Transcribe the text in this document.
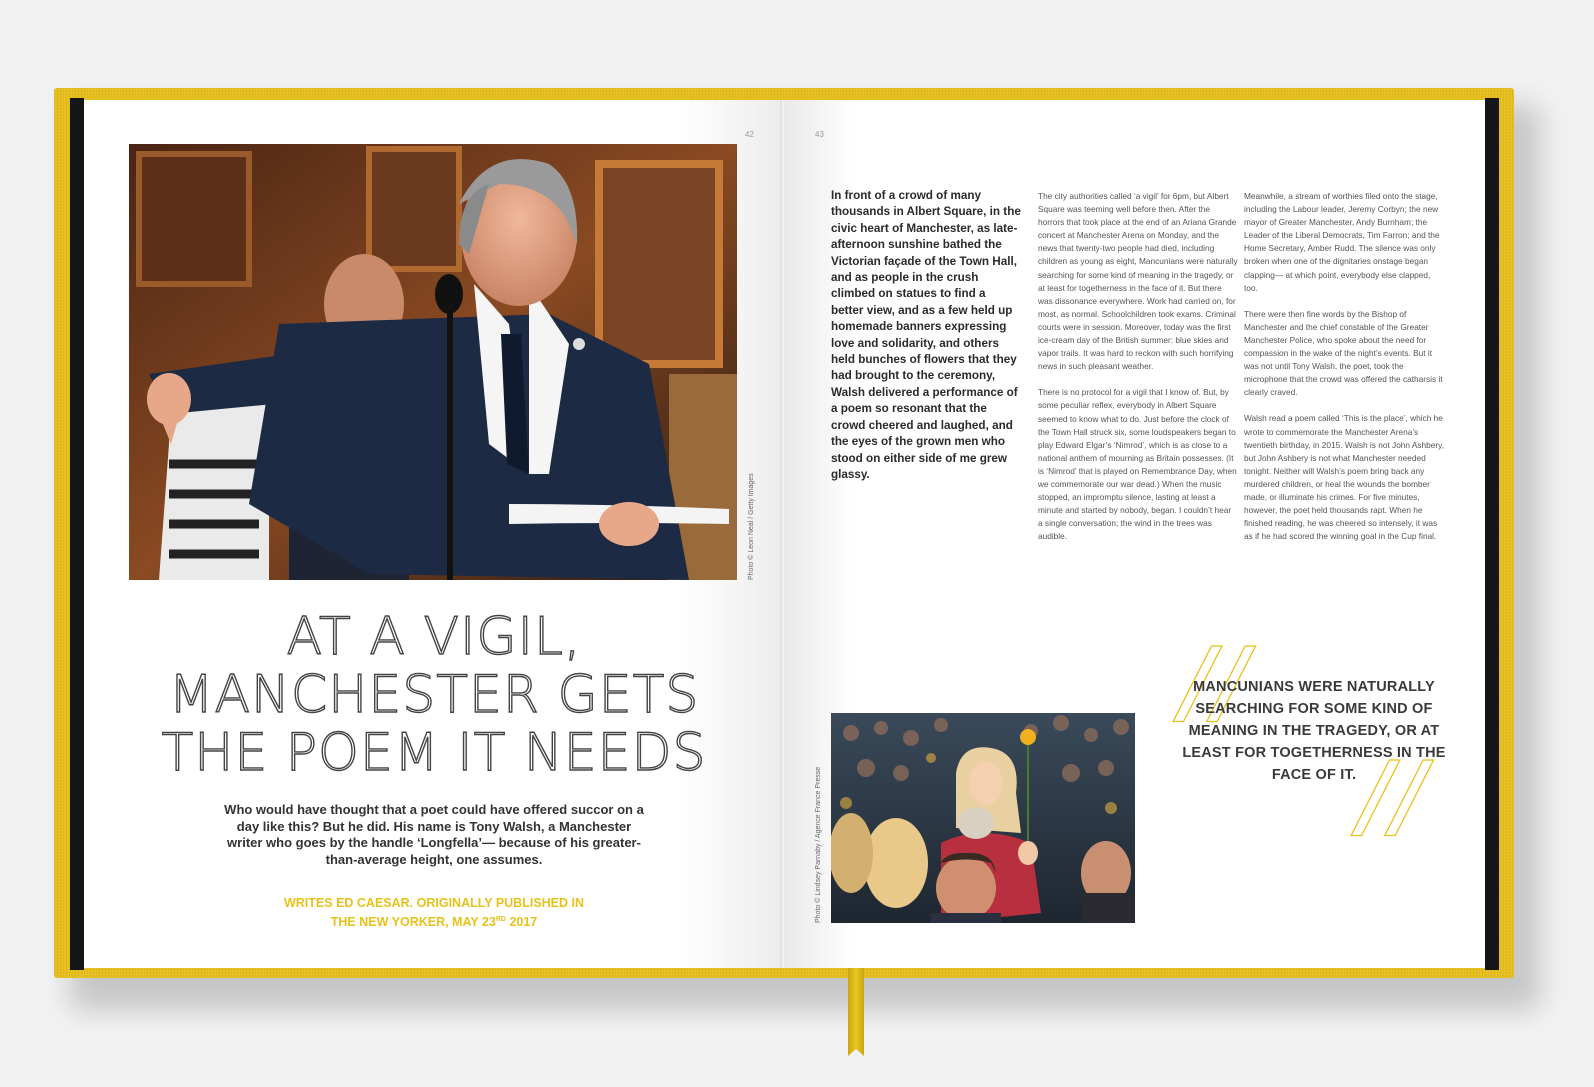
42
Photo © Leon Neal / Getty Images
AT A VIGIL,
MANCHESTER GETS
THE POEM IT NEEDS
Who would have thought that a poet could have offered succor on a day like this? But he did. His name is Tony Walsh, a Manchester writer who goes by the handle ‘Longfella’— because of his greater-than-average height, one assumes.
WRITES ED CAESAR. ORIGINALLY PUBLISHED IN
THE NEW YORKER, MAY 23RD 2017
43
In front of a crowd of many thousands in Albert Square, in the civic heart of Manchester, as late-afternoon sunshine bathed the Victorian façade of the Town Hall, and as people in the crush climbed on statues to find a better view, and as a few held up homemade banners expressing love and solidarity, and others held bunches of flowers that they had brought to the ceremony, Walsh delivered a performance of a poem so resonant that the crowd cheered and laughed, and the eyes of the grown men who stood on either side of me grew glassy.

The city authorities called ‘a vigil’ for 6pm, but Albert Square was teeming well before then. After the horrors that took place at the end of an Ariana Grande concert at Manchester Arena on Monday, and the news that twenty-two people had died, including children as young as eight, Mancunians were naturally searching for some kind of meaning in the tragedy, or at least for togetherness in the face of it. But there was dissonance everywhere. Work had carried on, for most, as normal. Schoolchildren took exams. Criminal courts were in session. Moreover, today was the first ice-cream day of the British summer: blue skies and vapor trails. It was hard to reckon with such horrifying news in such pleasant weather.

There is no protocol for a vigil that I know of. But, by some peculiar reflex, everybody in Albert Square seemed to know what to do. Just before the clock of the Town Hall struck six, some loudspeakers began to play Edward Elgar’s ‘Nimrod’, which is as close to a national anthem of mourning as Britain possesses. (It is ‘Nimrod’ that is played on Remembrance Day, when we commemorate our war dead.) When the music stopped, an impromptu silence, lasting at least a minute and started by nobody, began. I couldn’t hear a single conversation; the wind in the trees was audible.

Meanwhile, a stream of worthies filed onto the stage, including the Labour leader, Jeremy Corbyn; the new mayor of Greater Manchester, Andy Burnham; the Leader of the Liberal Democrats, Tim Farron; and the Home Secretary, Amber Rudd. The silence was only broken when one of the dignitaries onstage began clapping— at which point, everybody else clapped, too.

There were then fine words by the Bishop of Manchester and the chief constable of the Greater Manchester Police, who spoke about the need for compassion in the wake of the night’s events. But it was not until Tony Walsh, the poet, took the microphone that the crowd was offered the catharsis it clearly craved.

Walsh read a poem called ‘This is the place’, which he wrote to commemorate the Manchester Arena’s twentieth birthday, in 2015. Walsh is not John Ashbery, but John Ashbery is not what Manchester needed tonight. Neither will Walsh’s poem bring back any murdered children, or heal the wounds the bomber made, or illuminate his crimes. For five minutes, however, the poet held thousands rapt. When he finished reading, he was cheered so intensely, it was as if he had scored the winning goal in the Cup final.

Photo © Lindsey Parnaby / Agence France Presse
//
MANCUNIANS WERE NATURALLY SEARCHING FOR SOME KIND OF MEANING IN THE TRAGEDY, OR AT LEAST FOR TOGETHERNESS IN THE FACE OF IT. //
